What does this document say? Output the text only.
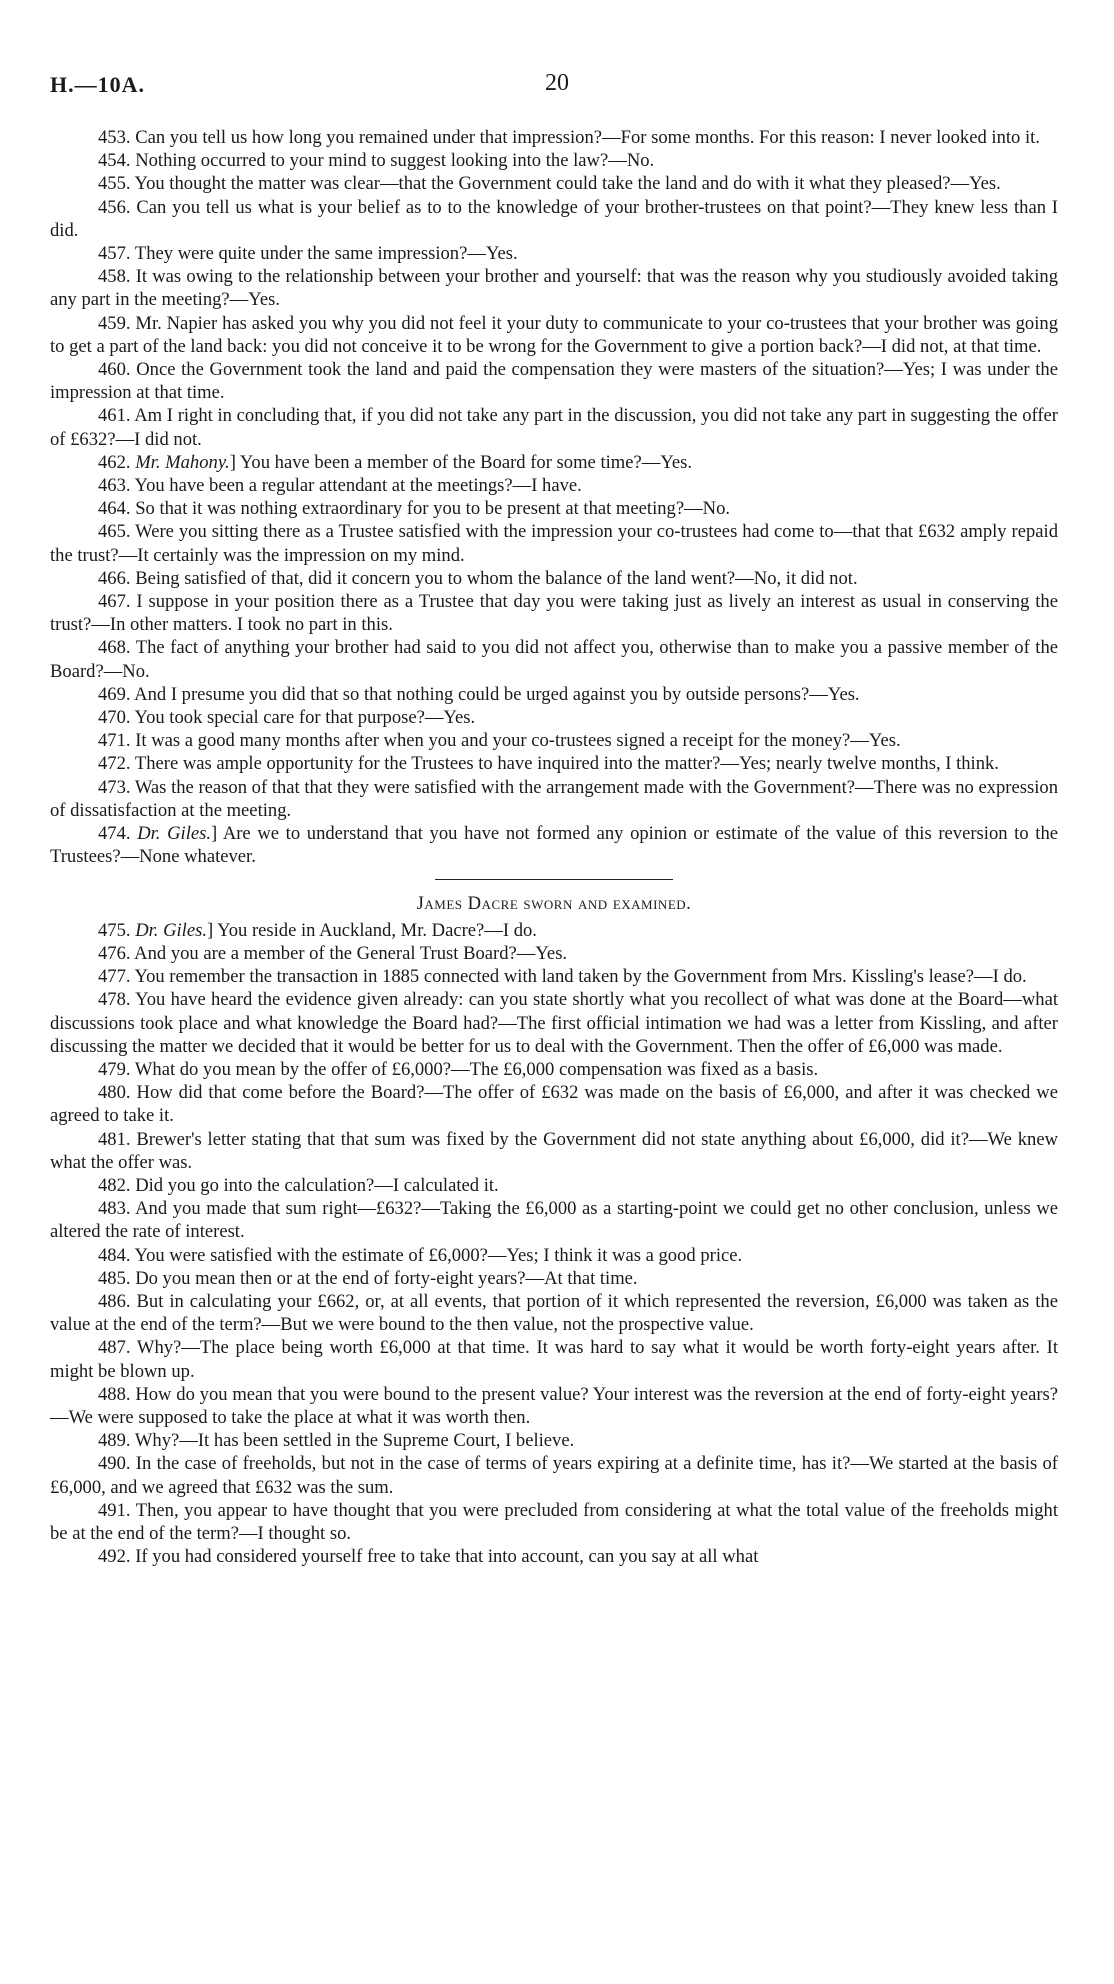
H.—10A.	20

453. Can you tell us how long you remained under that impression?—For some months. For this reason: I never looked into it.

454. Nothing occurred to your mind to suggest looking into the law?—No.

455. You thought the matter was clear—that the Government could take the land and do with it what they pleased?—Yes.

456. Can you tell us what is your belief as to to the knowledge of your brother-trustees on that point?—They knew less than I did.

457. They were quite under the same impression?—Yes.

458. It was owing to the relationship between your brother and yourself: that was the reason why you studiously avoided taking any part in the meeting?—Yes.

459. Mr. Napier has asked you why you did not feel it your duty to communicate to your co-trustees that your brother was going to get a part of the land back: you did not conceive it to be wrong for the Government to give a portion back?—I did not, at that time.

460. Once the Government took the land and paid the compensation they were masters of the situation?—Yes; I was under the impression at that time.

461. Am I right in concluding that, if you did not take any part in the discussion, you did not take any part in suggesting the offer of £632?—I did not.

462. Mr. Mahony.] You have been a member of the Board for some time?—Yes.

463. You have been a regular attendant at the meetings?—I have.

464. So that it was nothing extraordinary for you to be present at that meeting?—No.

465. Were you sitting there as a Trustee satisfied with the impression your co-trustees had come to—that that £632 amply repaid the trust?—It certainly was the impression on my mind.

466. Being satisfied of that, did it concern you to whom the balance of the land went?—No, it did not.

467. I suppose in your position there as a Trustee that day you were taking just as lively an interest as usual in conserving the trust?—In other matters. I took no part in this.

468. The fact of anything your brother had said to you did not affect you, otherwise than to make you a passive member of the Board?—No.

469. And I presume you did that so that nothing could be urged against you by outside persons?—Yes.

470. You took special care for that purpose?—Yes.

471. It was a good many months after when you and your co-trustees signed a receipt for the money?—Yes.

472. There was ample opportunity for the Trustees to have inquired into the matter?—Yes; nearly twelve months, I think.

473. Was the reason of that that they were satisfied with the arrangement made with the Government?—There was no expression of dissatisfaction at the meeting.

474. Dr. Giles.] Are we to understand that you have not formed any opinion or estimate of the value of this reversion to the Trustees?—None whatever.

James Dacre sworn and examined.

475. Dr. Giles.] You reside in Auckland, Mr. Dacre?—I do.

476. And you are a member of the General Trust Board?—Yes.

477. You remember the transaction in 1885 connected with land taken by the Government from Mrs. Kissling's lease?—I do.

478. You have heard the evidence given already: can you state shortly what you recollect of what was done at the Board—what discussions took place and what knowledge the Board had?—The first official intimation we had was a letter from Kissling, and after discussing the matter we decided that it would be better for us to deal with the Government. Then the offer of £6,000 was made.

479. What do you mean by the offer of £6,000?—The £6,000 compensation was fixed as a basis.

480. How did that come before the Board?—The offer of £632 was made on the basis of £6,000, and after it was checked we agreed to take it.

481. Brewer's letter stating that that sum was fixed by the Government did not state anything about £6,000, did it?—We knew what the offer was.

482. Did you go into the calculation?—I calculated it.

483. And you made that sum right—£632?—Taking the £6,000 as a starting-point we could get no other conclusion, unless we altered the rate of interest.

484. You were satisfied with the estimate of £6,000?—Yes; I think it was a good price.

485. Do you mean then or at the end of forty-eight years?—At that time.

486. But in calculating your £662, or, at all events, that portion of it which represented the reversion, £6,000 was taken as the value at the end of the term?—But we were bound to the then value, not the prospective value.

487. Why?—The place being worth £6,000 at that time. It was hard to say what it would be worth forty-eight years after. It might be blown up.

488. How do you mean that you were bound to the present value? Your interest was the reversion at the end of forty-eight years?—We were supposed to take the place at what it was worth then.

489. Why?—It has been settled in the Supreme Court, I believe.

490. In the case of freeholds, but not in the case of terms of years expiring at a definite time, has it?—We started at the basis of £6,000, and we agreed that £632 was the sum.

491. Then, you appear to have thought that you were precluded from considering at what the total value of the freeholds might be at the end of the term?—I thought so.

492. If you had considered yourself free to take that into account, can you say at all what
